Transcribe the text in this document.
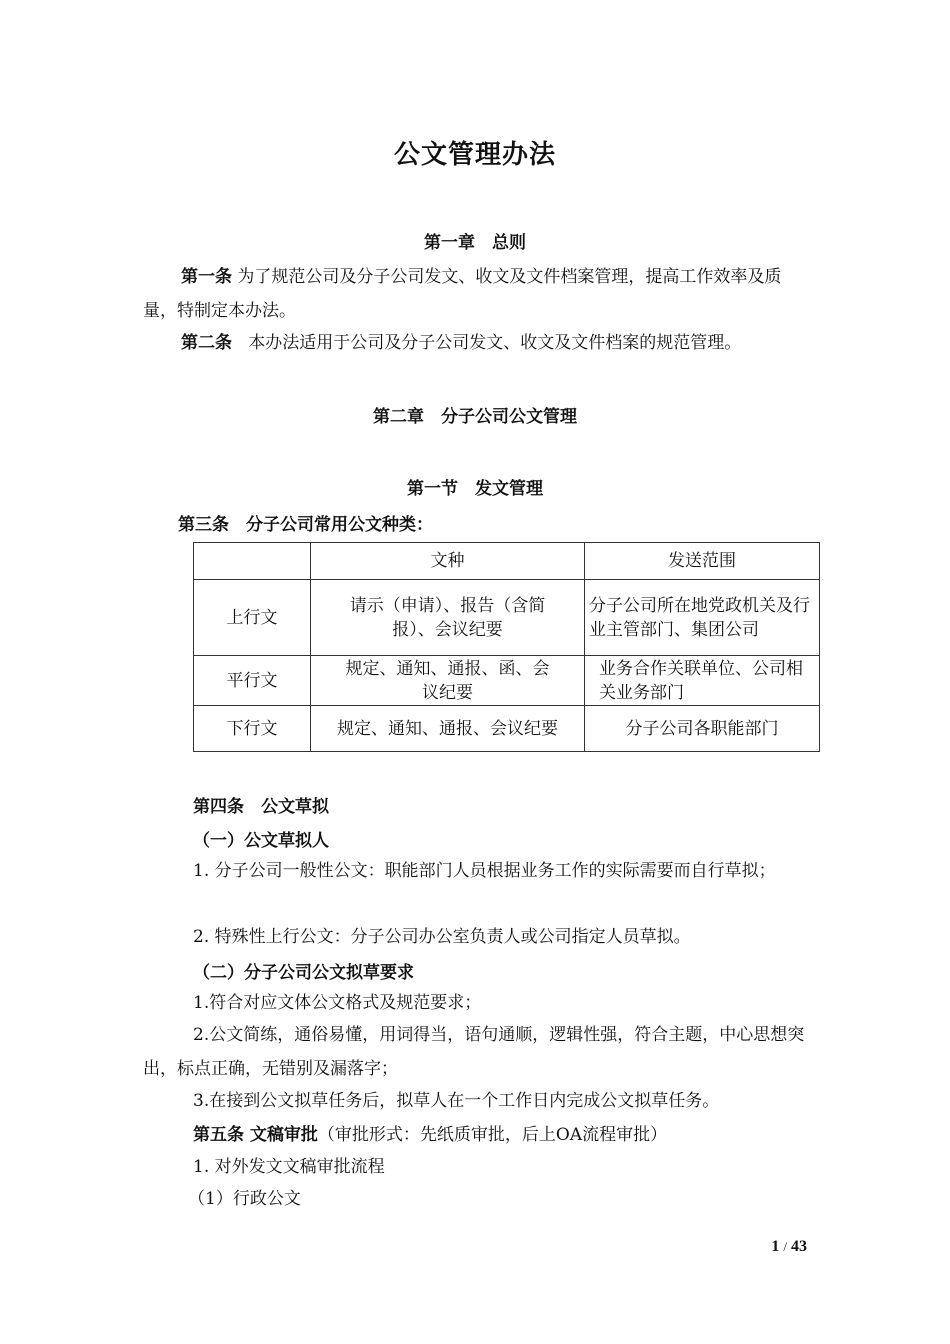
公文管理办法
第一章　总则
第一条 为了规范公司及分子公司发文、收文及文件档案管理，提高工作效率及质量，特制定本办法。
第二条 本办法适用于公司及分子公司发文、收文及文件档案的规范管理。
第二章　分子公司公文管理
第一节　发文管理
第三条　分子公司常用公文种类：
	文种	发送范围
上行文	请示（申请）、报告（含简报）、会议纪要	分子公司所在地党政机关及行业主管部门、集团公司
平行文	规定、通知、通报、函、会议纪要	业务合作关联单位、公司相关业务部门
下行文	规定、通知、通报、会议纪要	分子公司各职能部门
第四条　公文草拟
（一）公文草拟人
1. 分子公司一般性公文：职能部门人员根据业务工作的实际需要而自行草拟；
2. 特殊性上行公文：分子公司办公室负责人或公司指定人员草拟。
（二）分子公司公文拟草要求
1.符合对应文体公文格式及规范要求；
2.公文简练，通俗易懂，用词得当，语句通顺，逻辑性强，符合主题，中心思想突出，标点正确，无错别及漏落字；
3.在接到公文拟草任务后，拟草人在一个工作日内完成公文拟草任务。
第五条 文稿审批（审批形式：先纸质审批，后上OA流程审批）
1. 对外发文文稿审批流程
（1）行政公文
1 / 43
